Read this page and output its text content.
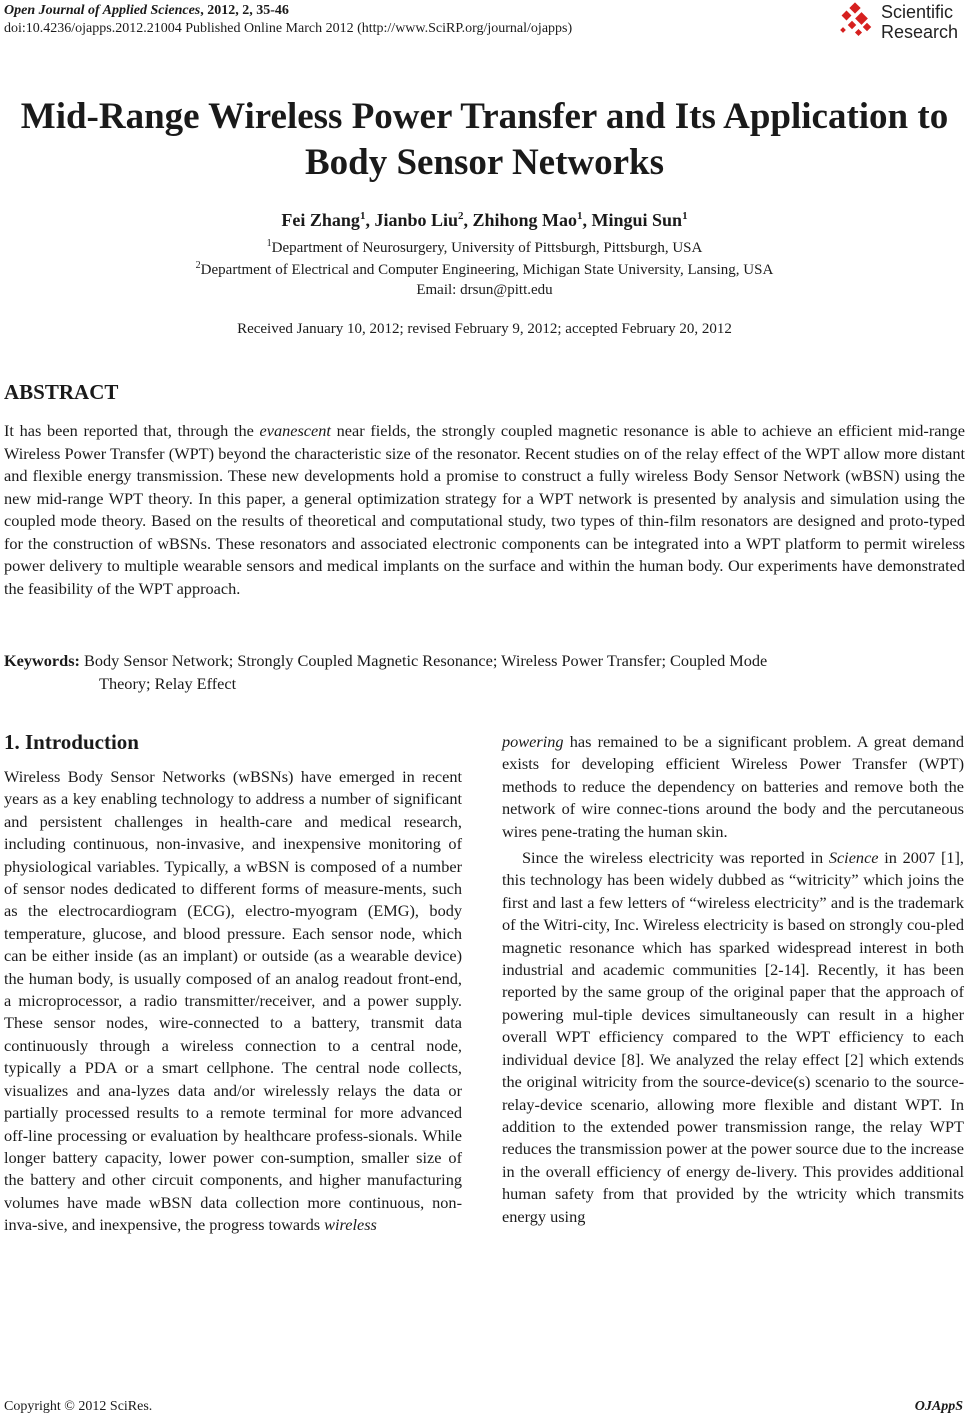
Open Journal of Applied Sciences, 2012, 2, 35-46
doi:10.4236/ojapps.2012.21004 Published Online March 2012 (http://www.SciRP.org/journal/ojapps)
Scientific
Research
Mid-Range Wireless Power Transfer and Its Application to
Body Sensor Networks
Fei Zhang$^1$, Jianbo Liu$^2$, Zhihong Mao$^1$, Mingui Sun$^1$
$^1$Department of Neurosurgery, University of Pittsburgh, Pittsburgh, USA
$^2$Department of Electrical and Computer Engineering, Michigan State University, Lansing, USA
Email: drsun@pitt.edu
Received January 10, 2012; revised February 9, 2012; accepted February 20, 2012
ABSTRACT
It has been reported that, through the evanescent near fields, the strongly coupled magnetic resonance is able to achieve an efficient mid-range Wireless Power Transfer (WPT) beyond the characteristic size of the resonator. Recent studies on of the relay effect of the WPT allow more distant and flexible energy transmission. These new developments hold a promise to construct a fully wireless Body Sensor Network (wBSN) using the new mid-range WPT theory. In this paper, a general optimization strategy for a WPT network is presented by analysis and simulation using the coupled mode theory. Based on the results of theoretical and computational study, two types of thin-film resonators are designed and proto-typed for the construction of wBSNs. These resonators and associated electronic components can be integrated into a WPT platform to permit wireless power delivery to multiple wearable sensors and medical implants on the surface and within the human body. Our experiments have demonstrated the feasibility of the WPT approach.
Keywords: Body Sensor Network; Strongly Coupled Magnetic Resonance; Wireless Power Transfer; Coupled Mode
Theory; Relay Effect
1. Introduction

Wireless Body Sensor Networks (wBSNs) have emerged in recent years as a key enabling technology to address a number of significant and persistent challenges in health-care and medical research, including continuous, non-invasive, and inexpensive monitoring of physiological variables. Typically, a wBSN is composed of a number of sensor nodes dedicated to different forms of measure-ments, such as the electrocardiogram (ECG), electro-myogram (EMG), body temperature, glucose, and blood pressure. Each sensor node, which can be either inside (as an implant) or outside (as a wearable device) the human body, is usually composed of an analog readout front-end, a microprocessor, a radio transmitter/receiver, and a power supply. These sensor nodes, wire-connected to a battery, transmit data continuously through a wireless connection to a central node, typically a PDA or a smart cellphone. The central node collects, visualizes and ana-lyzes data and/or wirelessly relays the data or partially processed results to a remote terminal for more advanced off-line processing or evaluation by healthcare profess-sionals. While longer battery capacity, lower power con-sumption, smaller size of the battery and other circuit components, and higher manufacturing volumes have made wBSN data collection more continuous, non-inva-sive, and inexpensive, the progress towards wireless

powering has remained to be a significant problem. A great demand exists for developing efficient Wireless Power Transfer (WPT) methods to reduce the dependency on batteries and remove both the network of wire connec-tions around the body and the percutaneous wires pene-trating the human skin.

Since the wireless electricity was reported in Science in 2007 [1], this technology has been widely dubbed as “witricity” which joins the first and last a few letters of “wireless electricity” and is the trademark of the Witri-city, Inc. Wireless electricity is based on strongly cou-pled magnetic resonance which has sparked widespread interest in both industrial and academic communities [2-14]. Recently, it has been reported by the same group of the original paper that the approach of powering mul-tiple devices simultaneously can result in a higher overall WPT efficiency compared to the WPT efficiency to each individual device [8]. We analyzed the relay effect [2] which extends the original witricity from the source-device(s) scenario to the source-relay-device scenario, allowing more flexible and distant WPT. In addition to the extended power transmission range, the relay WPT reduces the transmission power at the power source due to the increase in the overall efficiency of energy de-livery. This provides additional human safety from that provided by the wtricity which transmits energy using

Copyright © 2012 SciRes.	OJAppS
